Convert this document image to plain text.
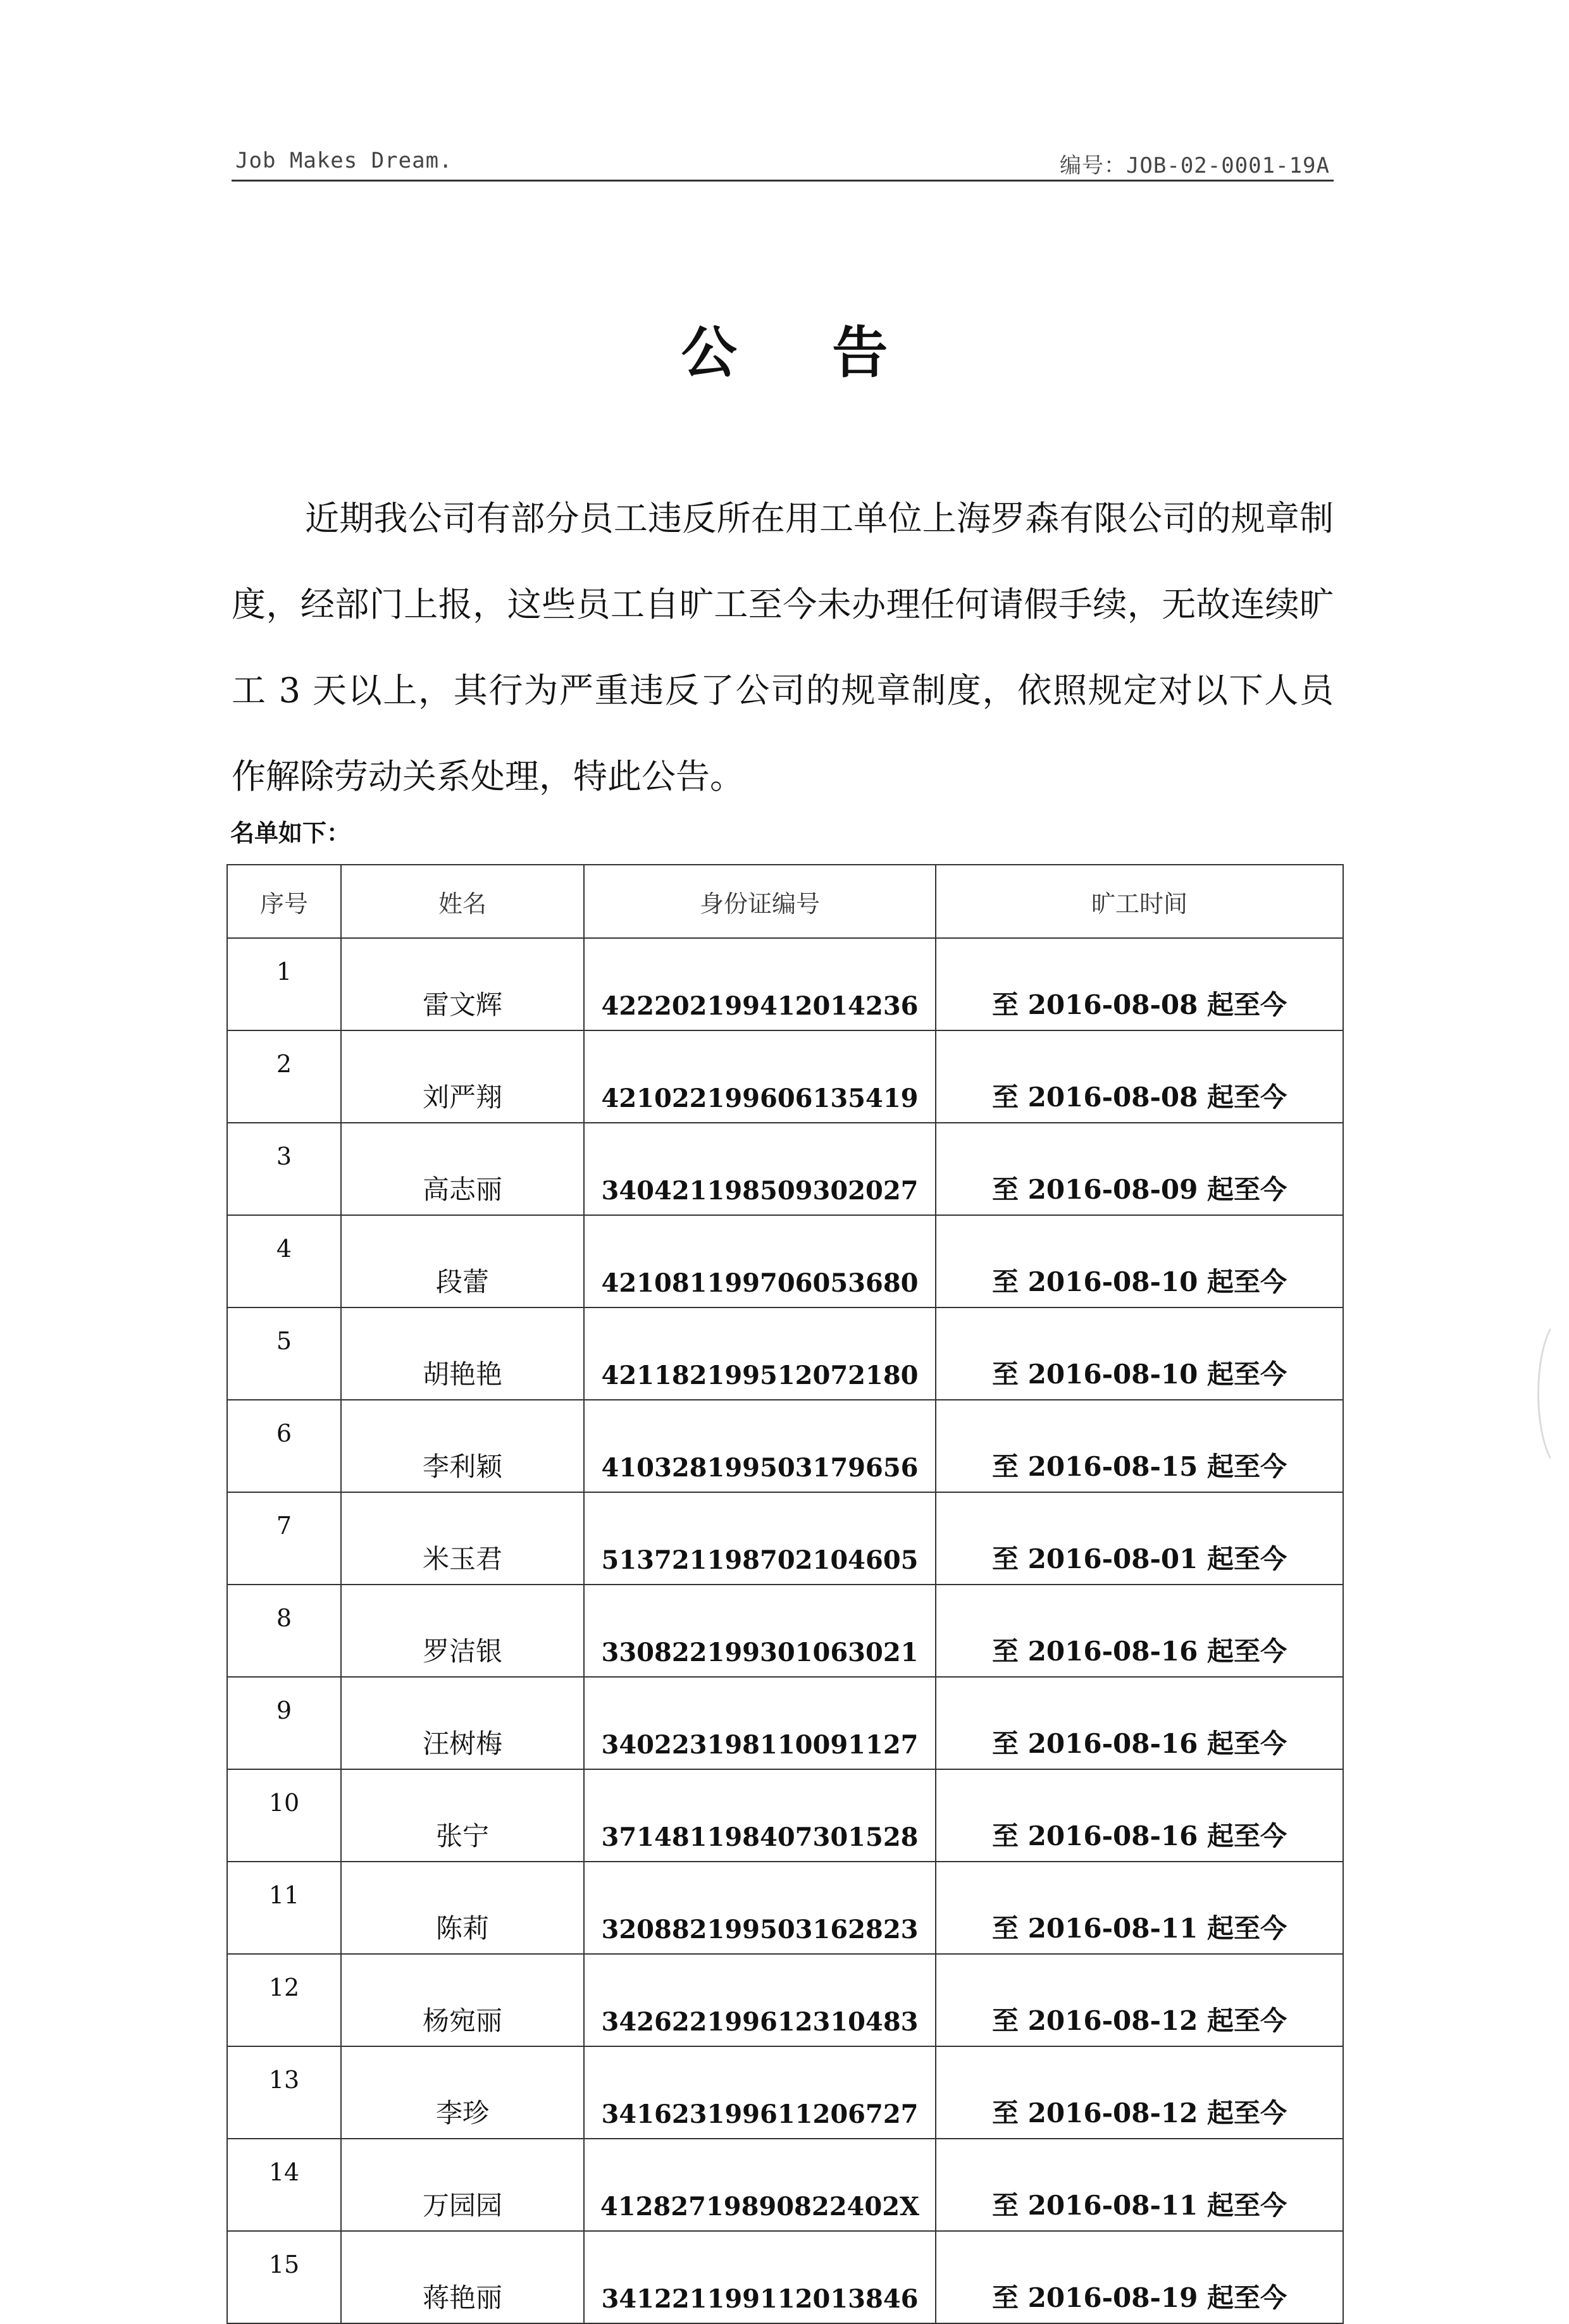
Job Makes Dream.	编号：JOB-02-0001-19A
公 告

近期我公司有部分员工违反所在用工单位上海罗森有限公司的规章制度，经部门上报，这些员工自旷工至今未办理任何请假手续，无故连续旷工 3 天以上，其行为严重违反了公司的规章制度，依照规定对以下人员作解除劳动关系处理，特此公告。

名单如下：
序号	姓名	身份证编号	旷工时间
1	雷文辉	422202199412014236	至 2016-08-08 起至今
2	刘严翔	421022199606135419	至 2016-08-08 起至今
3	高志丽	340421198509302027	至 2016-08-09 起至今
4	段蕾	421081199706053680	至 2016-08-10 起至今
5	胡艳艳	421182199512072180	至 2016-08-10 起至今
6	李利颖	410328199503179656	至 2016-08-15 起至今
7	米玉君	513721198702104605	至 2016-08-01 起至今
8	罗洁银	330822199301063021	至 2016-08-16 起至今
9	汪树梅	340223198110091127	至 2016-08-16 起至今
10	张宁	371481198407301528	至 2016-08-16 起至今
11	陈莉	320882199503162823	至 2016-08-11 起至今
12	杨宛丽	342622199612310483	至 2016-08-12 起至今
13	李珍	341623199611206727	至 2016-08-12 起至今
14	万园园	41282719890822402X	至 2016-08-11 起至今
15	蒋艳丽	341221199112013846	至 2016-08-19 起至今
